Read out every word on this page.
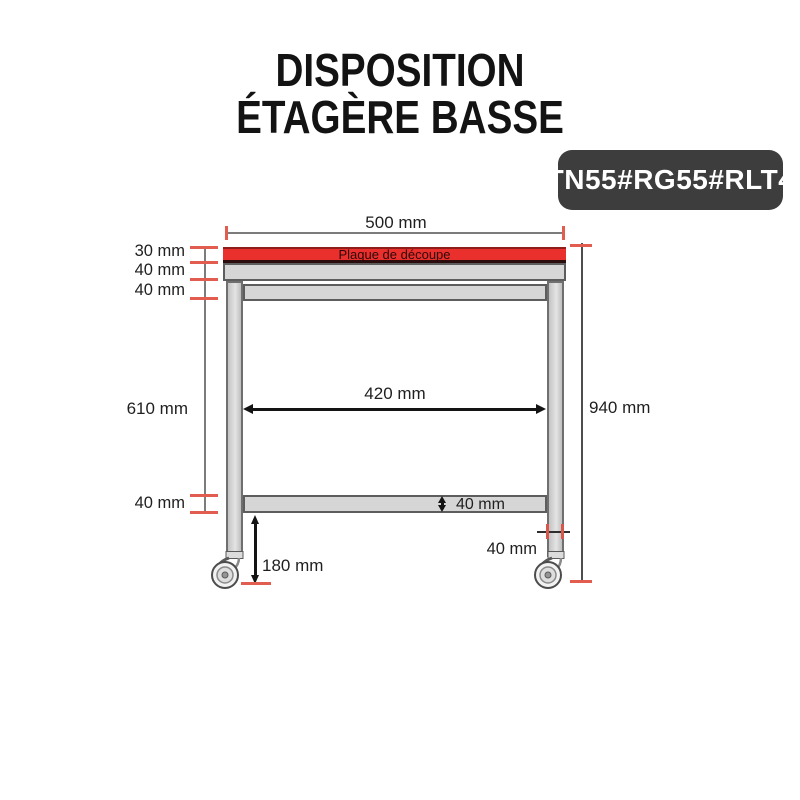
DISPOSITION
ÉTAGÈRE BASSE
TN55#RG55#RLT4
500 mm
Plaque de découpe
30 mm
40 mm
40 mm
610 mm
40 mm
420 mm
940 mm
40 mm
180 mm
40 mm
